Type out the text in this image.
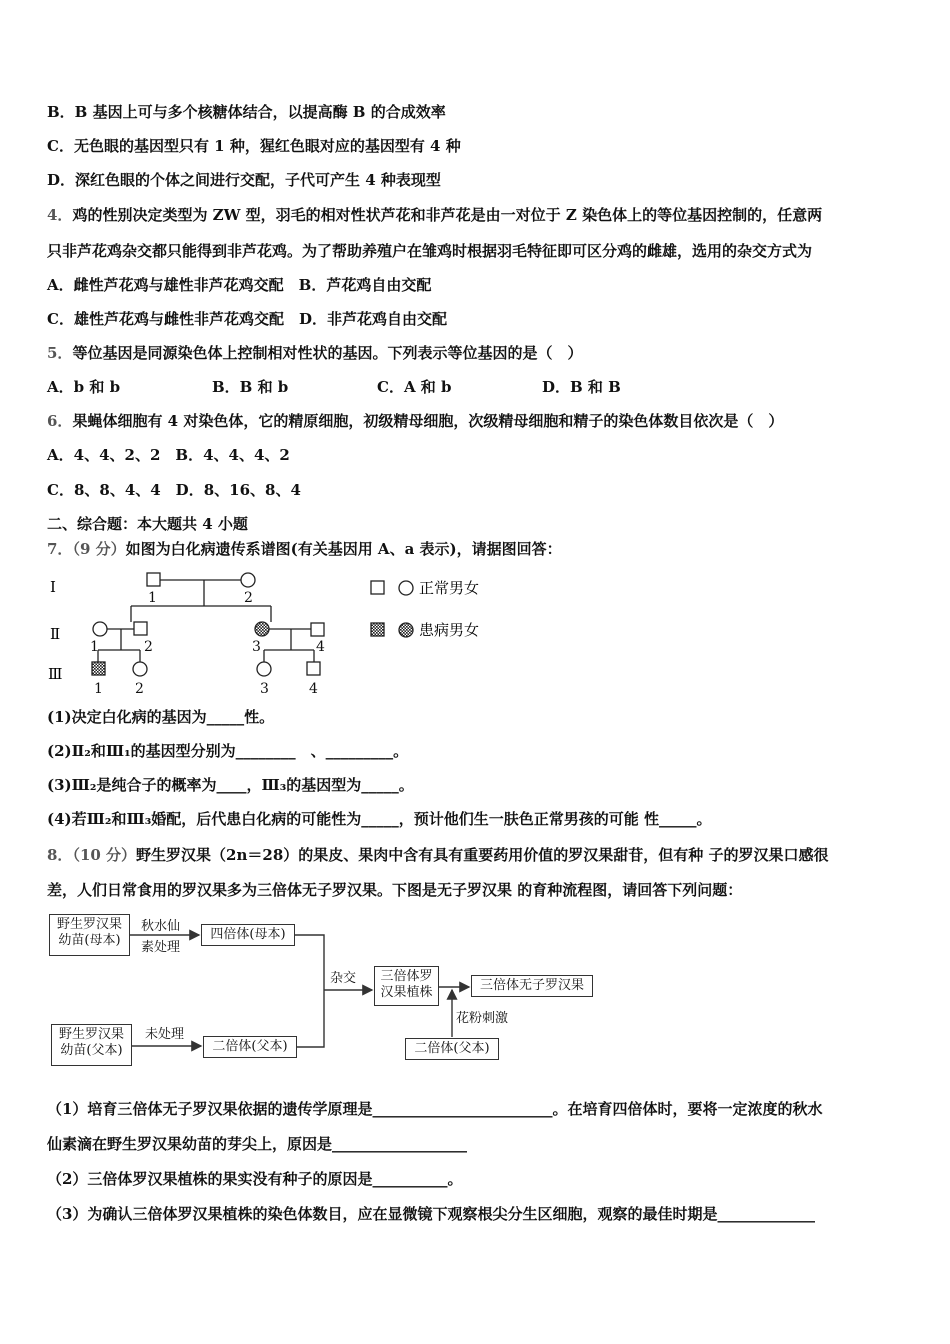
B．B 基因上可与多个核糖体结合，以提高酶 B 的合成效率
C．无色眼的基因型只有 1 种，猩红色眼对应的基因型有 4 种
D．深红色眼的个体之间进行交配，子代可产生 4 种表现型
4．鸡的性别决定类型为 ZW 型，羽毛的相对性状芦花和非芦花是由一对位于 Z 染色体上的等位基因控制的，任意两
只非芦花鸡杂交都只能得到非芦花鸡。为了帮助养殖户在雏鸡时根据羽毛特征即可区分鸡的雌雄，选用的杂交方式为
A．雌性芦花鸡与雄性非芦花鸡交配　B．芦花鸡自由交配
C．雄性芦花鸡与雌性非芦花鸡交配　D．非芦花鸡自由交配
5．等位基因是同源染色体上控制相对性状的基因。下列表示等位基因的是（　）
A．b 和 b	B．B 和 b	C．A 和 b	D．B 和 B
6．果蝇体细胞有 4 对染色体，它的精原细胞，初级精母细胞，次级精母细胞和精子的染色体数目依次是（　）
A．4、4、2、2　B．4、4、4、2
C．8、8、4、4　D．8、16、8、4
二、综合题：本大题共 4 小题
7．（9 分）如图为白化病遗传系谱图(有关基因用 A、a 表示)，请据图回答：
Ⅰ
Ⅱ
Ⅲ
1	2
1	2	3	4
1 2	3	4
正常男女
患病男女
(1)决定白化病的基因为_____性。
(2)Ⅱ₂和Ⅲ₁的基因型分别为________　、_________。
(3)Ⅲ₂是纯合子的概率为____，Ⅲ₃的基因型为_____。
(4)若Ⅲ₂和Ⅲ₃婚配，后代患白化病的可能性为_____，预计他们生一肤色正常男孩的可能 性_____。
8．（10 分）野生罗汉果（2n＝28）的果皮、果肉中含有具有重要药用价值的罗汉果甜苷，但有种 子的罗汉果口感很
差，人们日常食用的罗汉果多为三倍体无子罗汉果。下图是无子罗汉果 的育种流程图，请回答下列问题：
野生罗汉果
幼苗(母本)
秋水仙
素处理
四倍体(母本)
杂交 三倍体罗
汉果植株	三倍体无子罗汉果
花粉刺激
二倍体(父本)
野生罗汉果
幼苗(父本)
未处理
二倍体(父本)
（1）培育三倍体无子罗汉果依据的遗传学原理是________________________。在培育四倍体时，要将一定浓度的秋水
仙素滴在野生罗汉果幼苗的芽尖上，原因是__________________
（2）三倍体罗汉果植株的果实没有种子的原因是__________。
（3）为确认三倍体罗汉果植株的染色体数目，应在显微镜下观察根尖分生区细胞，观察的最佳时期是_____________
